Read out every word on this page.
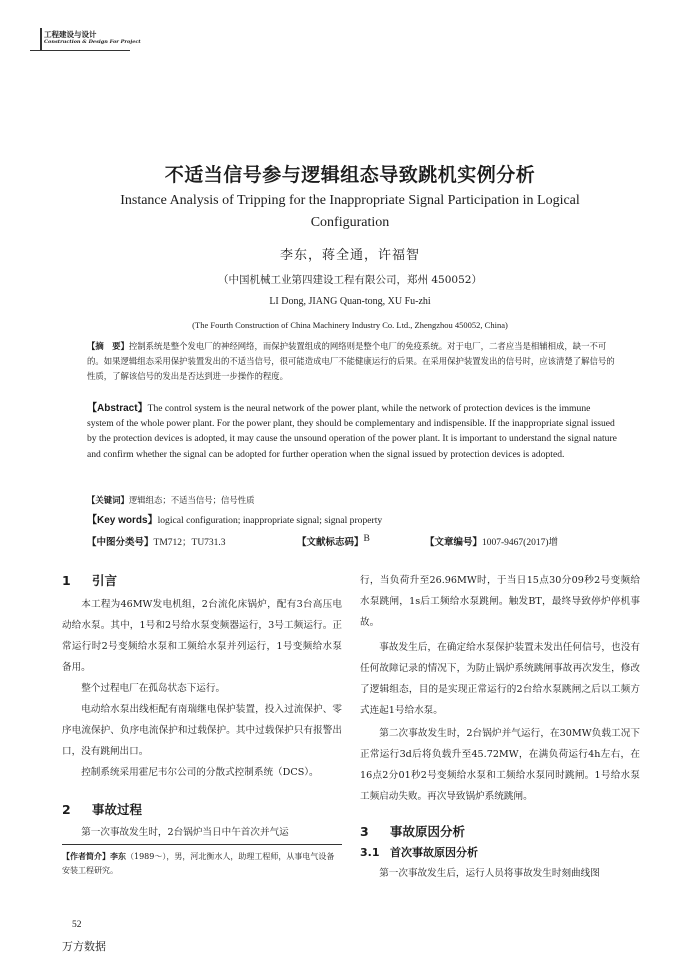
工程建设与设计
Construction & Design For Project
不适当信号参与逻辑组态导致跳机实例分析
Instance Analysis of Tripping for the Inappropriate Signal Participation in Logical Configuration
李东，蒋全通，许福智
（中国机械工业第四建设工程有限公司，郑州 450052）
LI Dong, JIANG Quan-tong, XU Fu-zhi
(The Fourth Construction of China Machinery Industry Co. Ltd., Zhengzhou 450052, China)
【摘　要】控制系统是整个发电厂的神经网络，而保护装置组成的网络则是整个电厂的免疫系统。对于电厂，二者应当是相辅相成，缺一不可的。如果逻辑组态采用保护装置发出的不适当信号，很可能造成电厂不能健康运行的后果。在采用保护装置发出的信号时，应该清楚了解信号的性质，了解该信号的发出是否达到进一步操作的程度。
【Abstract】The control system is the neural network of the power plant, while the network of protection devices is the immune system of the whole power plant. For the power plant, they should be complementary and indispensible. If the inappropriate signal issued by the protection devices is adopted, it may cause the unsound operation of the power plant. It is important to understand the signal nature and confirm whether the signal can be adopted for further operation when the signal issued by protection devices is adopted.
【关键词】逻辑组态；不适当信号；信号性质
【Key words】logical configuration; inappropriate signal; signal property
【中图分类号】 TM712；TU731.3	【文献标志码】 B	【文章编号】 1007-9467(2017)增
1 引言

本工程为46MW发电机组，2台流化床锅炉，配有3台高压电动给水泵。其中，1号和2号给水泵变频器运行，3号工频运行。正常运行时2号变频给水泵和工频给水泵并列运行，1号变频给水泵备用。

整个过程电厂在孤岛状态下运行。

电动给水泵出线柜配有南瑞继电保护装置，投入过流保护、零序电流保护、负序电流保护和过载保护。其中过载保护只有报警出口，没有跳闸出口。

控制系统采用霍尼韦尔公司的分散式控制系统（DCS）。

2 事故过程

第一次事故发生时，2台锅炉当日中午首次并气运

【作者简介】李东（1989～），男，河北衡水人，助理工程师，从事电气设备安装工程研究。

行，当负荷升至26.96MW时，于当日15点30分09秒2号变频给水泵跳闸，1s后工频给水泵跳闸。触发BT，最终导致停炉停机事故。

事故发生后，在确定给水泵保护装置未发出任何信号，也没有任何故障记录的情况下，为防止锅炉系统跳闸事故再次发生，修改了逻辑组态，目的是实现正常运行的2台给水泵跳闸之后以工频方式连起1号给水泵。

第二次事故发生时，2台锅炉并气运行，在30MW负载工况下正常运行3d后将负载升至45.72MW，在满负荷运行4h左右，在16点2分01秒2号变频给水泵和工频给水泵同时跳闸。1号给水泵工频启动失败。再次导致锅炉系统跳闸。

3 事故原因分析
3.1 首次事故原因分析

第一次事故发生后，运行人员将事故发生时刻曲线图

52
万方数据
